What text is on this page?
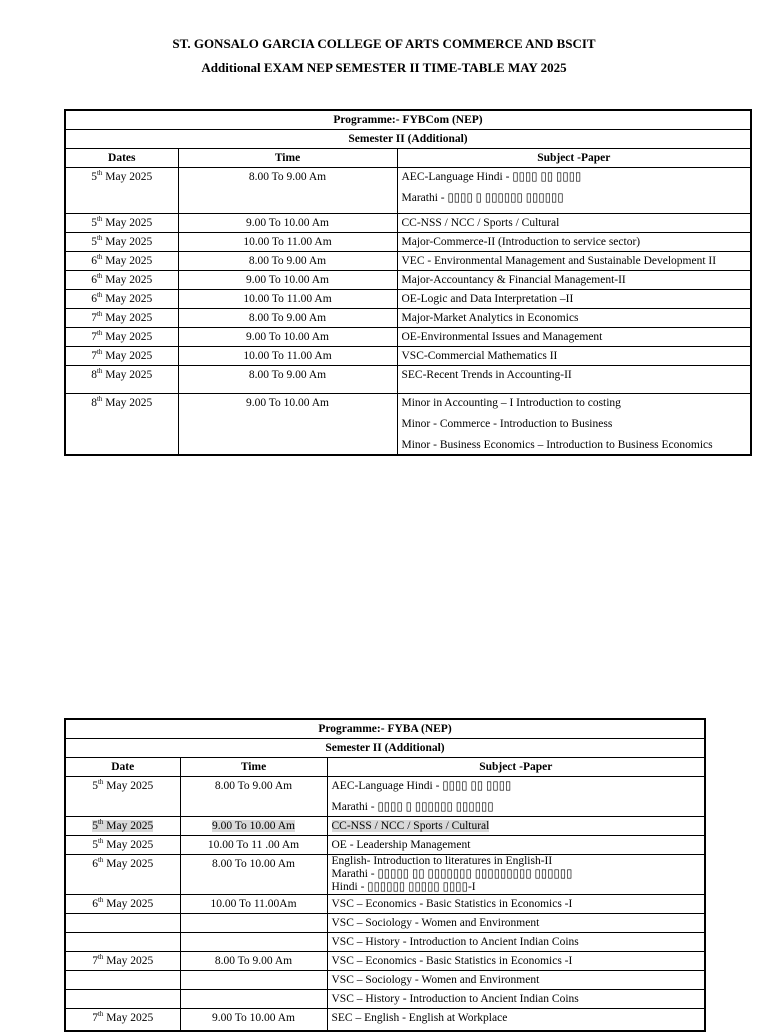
ST. GONSALO GARCIA COLLEGE OF ARTS COMMERCE AND BSCIT
Additional EXAM NEP SEMESTER II TIME-TABLE MAY 2025
Programme:- FYBCom (NEP)		
Semester II (Additional)		
Dates	Time	Subject -Paper
5th May 2025	8.00 To 9.00 Am	AEC-Language Hindi - ▯▯▯▯ ▯▯ ▯▯▯▯
Marathi - ▯▯▯▯ ▯ ▯▯▯▯▯▯ ▯▯▯▯▯▯

5th May 2025	9.00 To 10.00 Am	CC-NSS / NCC / Sports / Cultural
5th May 2025	10.00 To 11.00 Am	Major-Commerce-II (Introduction to service sector)
6th May 2025	8.00 To 9.00 Am	VEC - Environmental Management and Sustainable Development II
6th May 2025	9.00 To 10.00 Am	Major-Accountancy & Financial Management-II
6th May 2025	10.00 To 11.00 Am	OE-Logic and Data Interpretation –II
7th May 2025	8.00 To 9.00 Am	Major-Market Analytics in Economics
7th May 2025	9.00 To 10.00 Am	OE-Environmental Issues and Management
7th May 2025	10.00 To 11.00 Am	VSC-Commercial Mathematics II
8th May 2025	8.00 To 9.00 Am	SEC-Recent Trends in Accounting-II
8th May 2025	9.00 To 10.00 Am	Minor in Accounting – I Introduction to costing
Minor - Commerce - Introduction to Business
Minor - Business Economics – Introduction to Business Economics
Programme:- FYBA (NEP)		
Semester II (Additional)		
Date	Time	Subject -Paper
5th May 2025	8.00 To 9.00 Am	AEC-Language Hindi - ▯▯▯▯ ▯▯ ▯▯▯▯
Marathi - ▯▯▯▯ ▯ ▯▯▯▯▯▯ ▯▯▯▯▯▯

5th May 2025	9.00 To 10.00 Am	CC-NSS / NCC / Sports / Cultural
5th May 2025	10.00 To 11 .00 Am	OE - Leadership Management
6th May 2025	8.00 To 10.00 Am	English- Introduction to literatures in English-II
Marathi - ▯▯▯▯▯ ▯▯ ▯▯▯▯▯▯▯ ▯▯▯▯▯▯▯▯▯ ▯▯▯▯▯▯
Hindi - ▯▯▯▯▯▯ ▯▯▯▯▯ ▯▯▯▯-I

6th May 2025	10.00 To 11.00Am	VSC – Economics - Basic Statistics in Economics -I
		VSC – Sociology - Women and Environment
		VSC – History - Introduction to Ancient Indian Coins
7th May 2025	8.00 To 9.00 Am	VSC – Economics - Basic Statistics in Economics -I
		VSC – Sociology - Women and Environment
		VSC – History - Introduction to Ancient Indian Coins
7th May 2025	9.00 To 10.00 Am	SEC – English - English at Workplace
